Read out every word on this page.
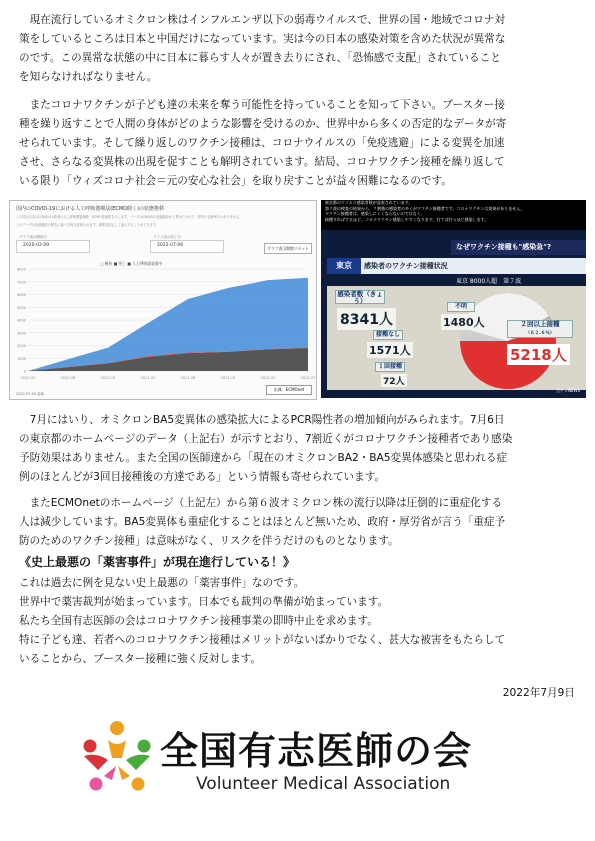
　現在流行しているオミクロン株はインフルエンザ以下の弱毒ウイルスで、世界の国・地域でコロナ対
策をしているところは日本と中国だけになっています。実は今の日本の感染対策を含めた状況が異常な
のです。この異常な状態の中に日本に暮らす人々が置き去りにされ、「恐怖感で支配」されていること
を知らなければなりません。
　またコロナワクチンが子ども達の未来を奪う可能性を持っていることを知って下さい。ブースター接
種を繰り返すことで人間の身体がどのような影響を受けるのか、世界中から多くの否定的なデータが寄
せられています。そして繰り返しのワクチン接種は、コロナウイルスの「免疫逃避」による変異を加速
させ、さらなる変異株の出現を促すことも解明されています。結局、コロナワクチン接種を繰り返して
いる限り「ウィズコロナ社会＝元の安心な社会」を取り戻すことが益々困難になるのです。
国内のCOVID-19における人工呼吸器療法(ECMO除く)の状態推移
この図は日本のCOVID-19患者の人工呼吸器管理数、ECMO管理数を示します。データはCRISISの登録施設から集めたもので、国内の全症例ではありません。
このデータは登録施設の報告に基づき毎日更新されます。期間を指定して表示することができます。
グラフ表示開始日
2020-02-09
グラフ表示終了日
2022-07-06
グラフ表示期間リセット
□ 軽快 ■ 死亡 ■ 人工呼吸器装着中
0
1000
2000
3000
4000
5000
6000
7000
8000
2020-02	2020-06	2020-10	2021-02	2021-06	2021-10	2022-02	2022-07
2022.07.04 更新
出典：ECMOnet
東京都のウイルス感染者数が発表されています。
第７波の検査の結果から、７割強の感染者の多くがワクチン接種者です。コロナワクチンは効果がありません。
ワクチン接種者は、感染しにくくならないのではなく、
接種すればするほど、コロナワクチン感染しやすくなります。打てば打つほど感染します。
なぜワクチン接種も"感染急"?
東京	感染者のワクチン接種状況
東京 8000人超　第７波
感染者数（きょう）
8341人
不明
1480人
接種なし
1571人
１回接種
72人
２回以上接種
（６２.６％）
5218人
日テレNEWS
　7月にはいり、オミクロンBA5変異体の感染拡大によるPCR陽性者の増加傾向がみられます。7月6日
の東京都のホームページのデータ（上記右）が示すとおり、7割近くがコロナワクチン接種者であり感染
予防効果はありません。また全国の医師達から「現在のオミクロンBA2・BA5変異体感染と思われる症
例のほとんどが3回目接種後の方達である」という情報も寄せられています。
　またECMOnetのホームページ（上記左）から第６波オミクロン株の流行以降は圧倒的に重症化する
人は減少しています。BA5変異体も重症化することはほとんど無いため、政府・厚労省が言う「重症予
防のためのワクチン接種」は意味がなく、リスクを伴うだけのものとなります。
《史上最悪の「薬害事件」が現在進行している！》
これは過去に例を見ない史上最悪の「薬害事件」なのです。
世界中で薬害裁判が始まっています。日本でも裁判の準備が始まっています。
私たち全国有志医師の会はコロナワクチン接種事業の即時中止を求めます。
特に子ども達、若者へのコロナワクチン接種はメリットがないばかりでなく、甚大な被害をもたらして
いることから、ブースター接種に強く反対します。
2022年7月9日
全国有志医師の会
Volunteer Medical Association
